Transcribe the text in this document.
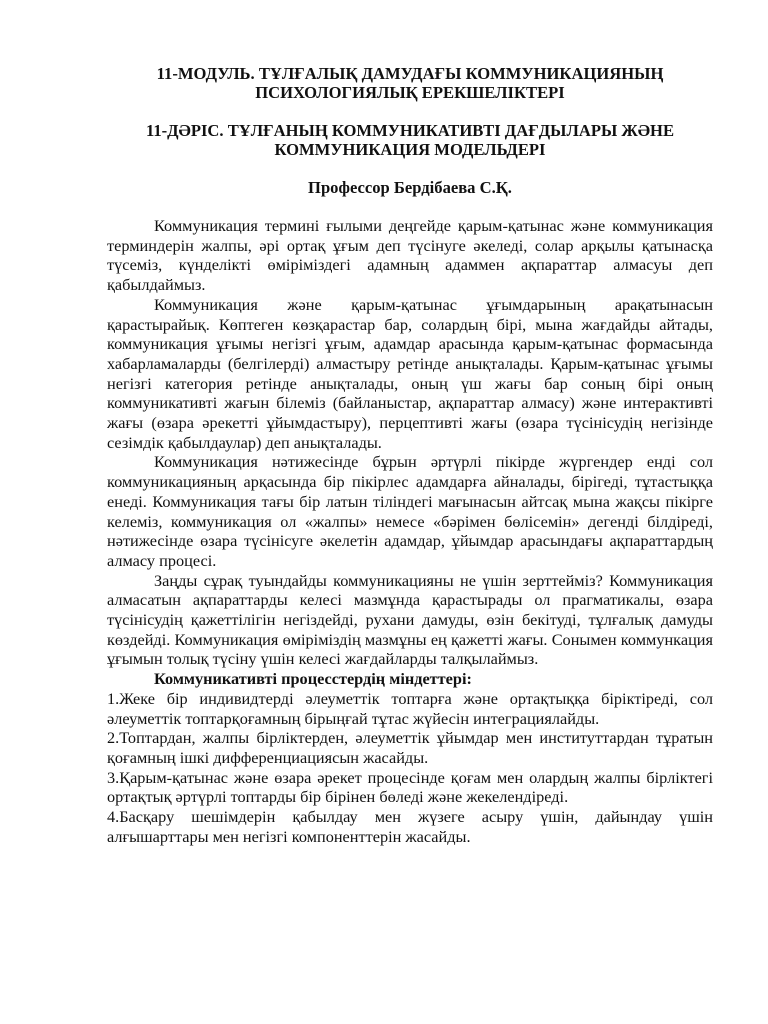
11-МОДУЛЬ. ТҰЛҒАЛЫҚ ДАМУДАҒЫ КОММУНИКАЦИЯНЫҢ

ПСИХОЛОГИЯЛЫҚ ЕРЕКШЕЛІКТЕРІ

11-ДӘРІС. ТҰЛҒАНЫҢ КОММУНИКАТИВТІ ДАҒДЫЛАРЫ ЖӘНЕ

КОММУНИКАЦИЯ МОДЕЛЬДЕРІ

Профессор Бердібаева С.Қ.

Коммуникация термині ғылыми деңгейде қарым-қатынас және коммуникация терминдерін жалпы, әрі ортақ ұғым деп түсінуге әкеледі, солар арқылы қатынасқа түсеміз, күнделікті өміріміздегі адамның адаммен ақпараттар алмасуы деп қабылдаймыз.

Коммуникация және қарым-қатынас ұғымдарының арақатынасын қарастырайық. Көптеген көзқарастар бар, солардың бірі, мына жағдайды айтады, коммуникация ұғымы негізгі ұғым, адамдар арасында қарым-қатынас формасында хабарламаларды (белгілерді) алмастыру ретінде анықталады. Қарым-қатынас ұғымы негізгі категория ретінде анықталады, оның үш жағы бар соның бірі оның коммуникативті жағын білеміз (байланыстар, ақпараттар алмасу) және интерактивті жағы (өзара әрекетті ұйымдастыру), перцептивті жағы (өзара түсінісудің негізінде сезімдік қабылдаулар) деп анықталады.

Коммуникация нәтижесінде бұрын әртүрлі пікірде жүргендер енді сол коммуникацияның арқасында бір пікірлес адамдарға айналады, бірігеді, тұтастыққа енеді. Коммуникация тағы бір латын тіліндегі мағынасын айтсақ мына жақсы пікірге келеміз, коммуникация ол «жалпы» немесе «бәрімен бөлісемін» дегенді білдіреді, нәтижесінде өзара түсінісуге әкелетін адамдар, ұйымдар арасындағы ақпараттардың алмасу процесі.

Заңды сұрақ туындайды коммуникацияны не үшін зерттейміз? Коммуникация алмасатын ақпараттарды келесі мазмұнда қарастырады ол прагматикалы, өзара түсінісудің қажеттілігін негіздейді, рухани дамуды, өзін бекітуді, тұлғалық дамуды көздейді. Коммуникация өміріміздің мазмұны ең қажетті жағы. Сонымен коммункация ұғымын толық түсіну үшін келесі жағдайларды талқылаймыз.

Коммуникативті процесстердің міндеттері:

1.Жеке бір индивидтерді әлеуметтік топтарға және ортақтыққа біріктіреді, сол әлеуметтік топтарқоғамның бірыңғай тұтас жүйесін интеграциялайды.

2.Топтардан, жалпы бірліктерден, әлеуметтік ұйымдар мен институттардан тұратын қоғамның ішкі дифференциациясын жасайды.

3.Қарым-қатынас және өзара әрекет процесінде қоғам мен олардың жалпы бірліктегі ортақтық әртүрлі топтарды бір бірінен бөледі және жекелендіреді.

4.Басқару шешімдерін қабылдау мен жүзеге асыру үшін, дайындау үшін алғышарттары мен негізгі компоненттерін жасайды.
